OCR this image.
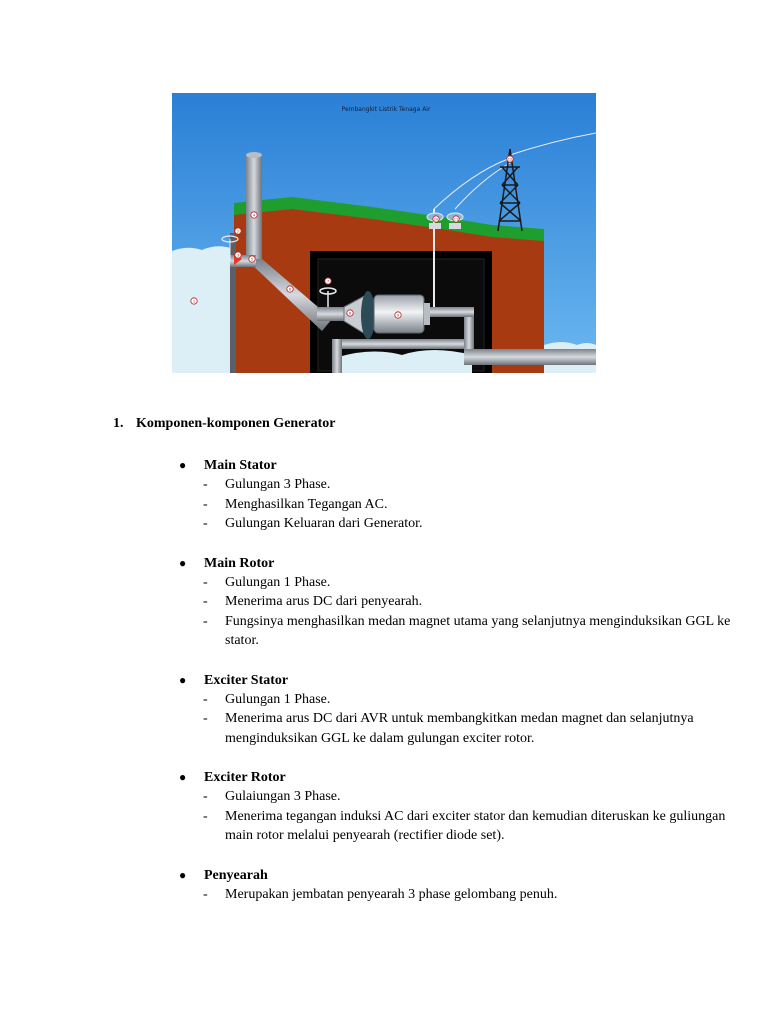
Pembangkit Listrik Tenaga Air
1
2
3
4
5
6
7
8	9
10	11
12
1. Komponen-komponen Generator
●	Main Stator
- Gulungan 3 Phase.
- Menghasilkan Tegangan AC.
- Gulungan Keluaran dari Generator.
●	Main Rotor
- Gulungan 1 Phase.
- Menerima arus DC dari penyearah.
- Fungsinya menghasilkan medan magnet utama yang selanjutnya menginduksikan GGL ke stator.
●	Exciter Stator
- Gulungan 1 Phase.
- Menerima arus DC dari AVR untuk membangkitkan medan magnet dan selanjutnya menginduksikan GGL ke dalam gulungan exciter rotor.
●	Exciter Rotor
- Gulaiungan 3 Phase.
- Menerima tegangan induksi AC dari exciter stator dan kemudian diteruskan ke guliungan main rotor melalui penyearah (rectifier diode set).
●	Penyearah
- Merupakan jembatan penyearah 3 phase gelombang penuh.
